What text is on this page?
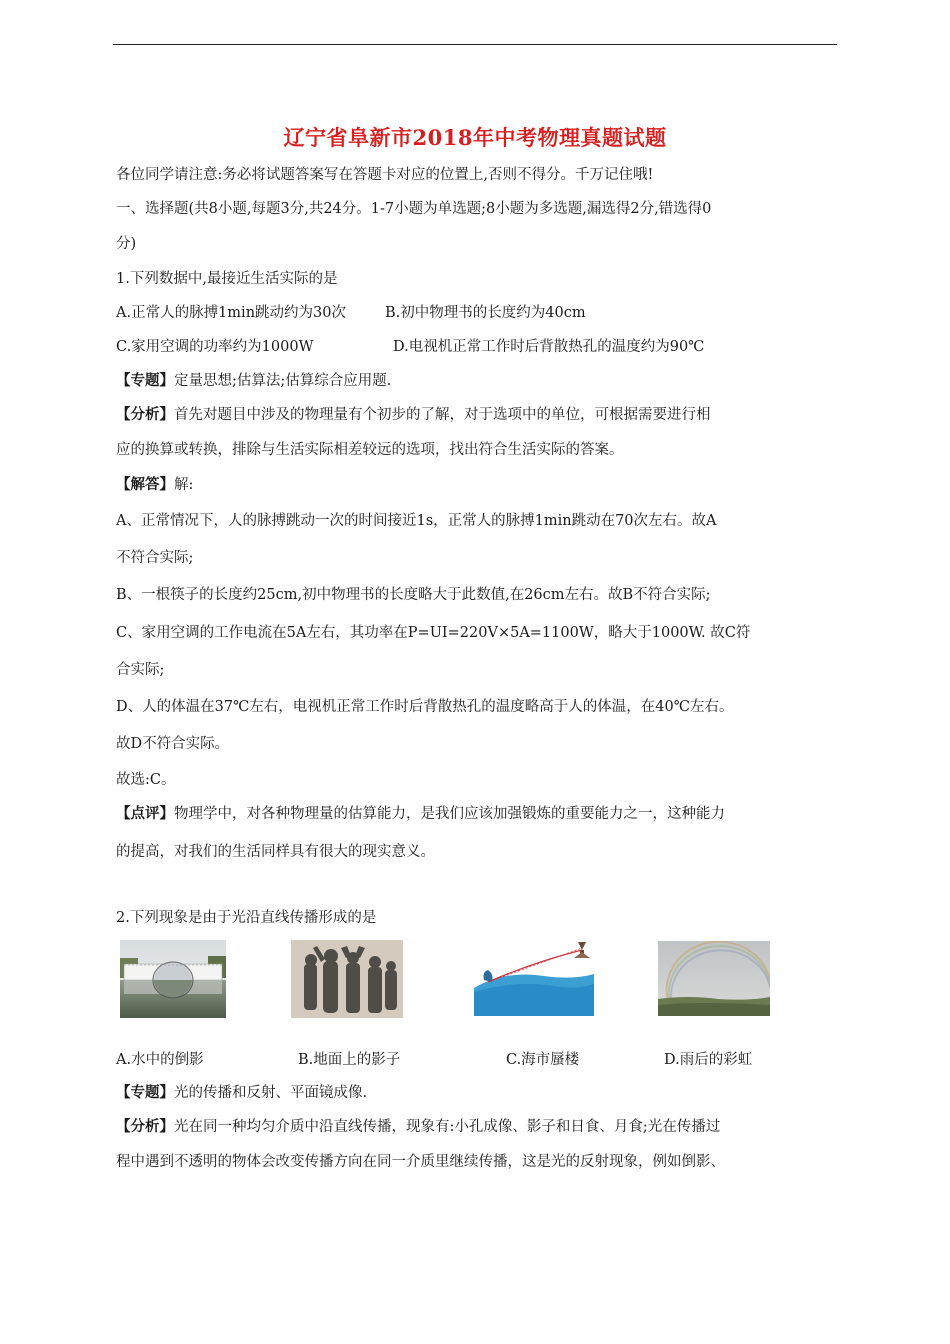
辽宁省阜新市2018年中考物理真题试题
各位同学请注意:务必将试题答案写在答题卡对应的位置上,否则不得分。千万记住哦!
一、选择题(共8小题,每题3分,共24分。1-7小题为单选题;8小题为多选题,漏选得2分,错选得0
分)
1.下列数据中,最接近生活实际的是
A.正常人的脉搏1min跳动约为30次	B.初中物理书的长度约为40cm
C.家用空调的功率约为1000W	D.电视机正常工作时后背散热孔的温度约为90℃
【专题】定量思想;估算法;估算综合应用题.
【分析】首先对题目中涉及的物理量有个初步的了解，对于选项中的单位，可根据需要进行相
应的换算或转换，排除与生活实际相差较远的选项，找出符合生活实际的答案。
【解答】解:
A、正常情况下，人的脉搏跳动一次的时间接近1s，正常人的脉搏1min跳动在70次左右。故A
不符合实际;
B、一根筷子的长度约25cm,初中物理书的长度略大于此数值,在26cm左右。故B不符合实际;
C、家用空调的工作电流在5A左右，其功率在P=UI=220V×5A=1100W，略大于1000W. 故C符
合实际;
D、人的体温在37℃左右，电视机正常工作时后背散热孔的温度略高于人的体温，在40℃左右。
故D不符合实际。
故选:C。
【点评】物理学中，对各种物理量的估算能力，是我们应该加强锻炼的重要能力之一，这种能力
的提高，对我们的生活同样具有很大的现实意义。
2.下列现象是由于光沿直线传播形成的是
A.水中的倒影	B.地面上的影子	C.海市蜃楼	D.雨后的彩虹
【专题】光的传播和反射、平面镜成像.
【分析】光在同一种均匀介质中沿直线传播，现象有:小孔成像、影子和日食、月食;光在传播过
程中遇到不透明的物体会改变传播方向在同一介质里继续传播，这是光的反射现象，例如倒影、
